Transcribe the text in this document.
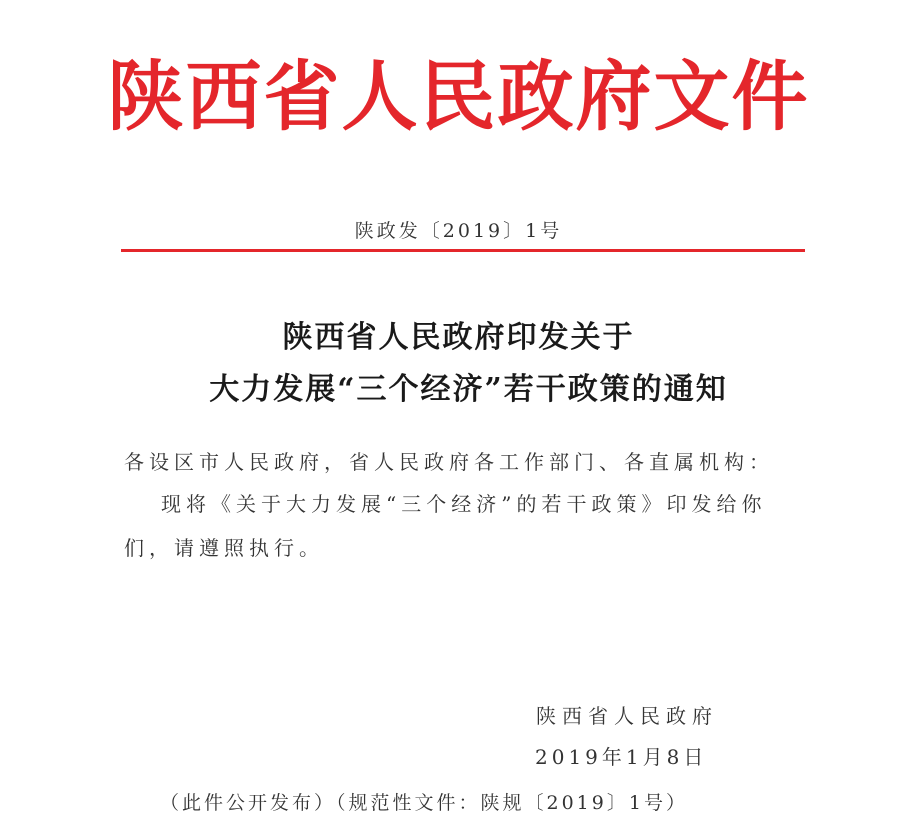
陕西省人民政府文件
陕政发〔2019〕1号
陕西省人民政府印发关于
大力发展“三个经济”若干政策的通知
各设区市人民政府，省人民政府各工作部门、各直属机构：
现将《关于大力发展“三个经济”的若干政策》印发给你
们，请遵照执行。
陕西省人民政府
2019年1月8日
（此件公开发布）（规范性文件：陕规〔2019〕1号）
